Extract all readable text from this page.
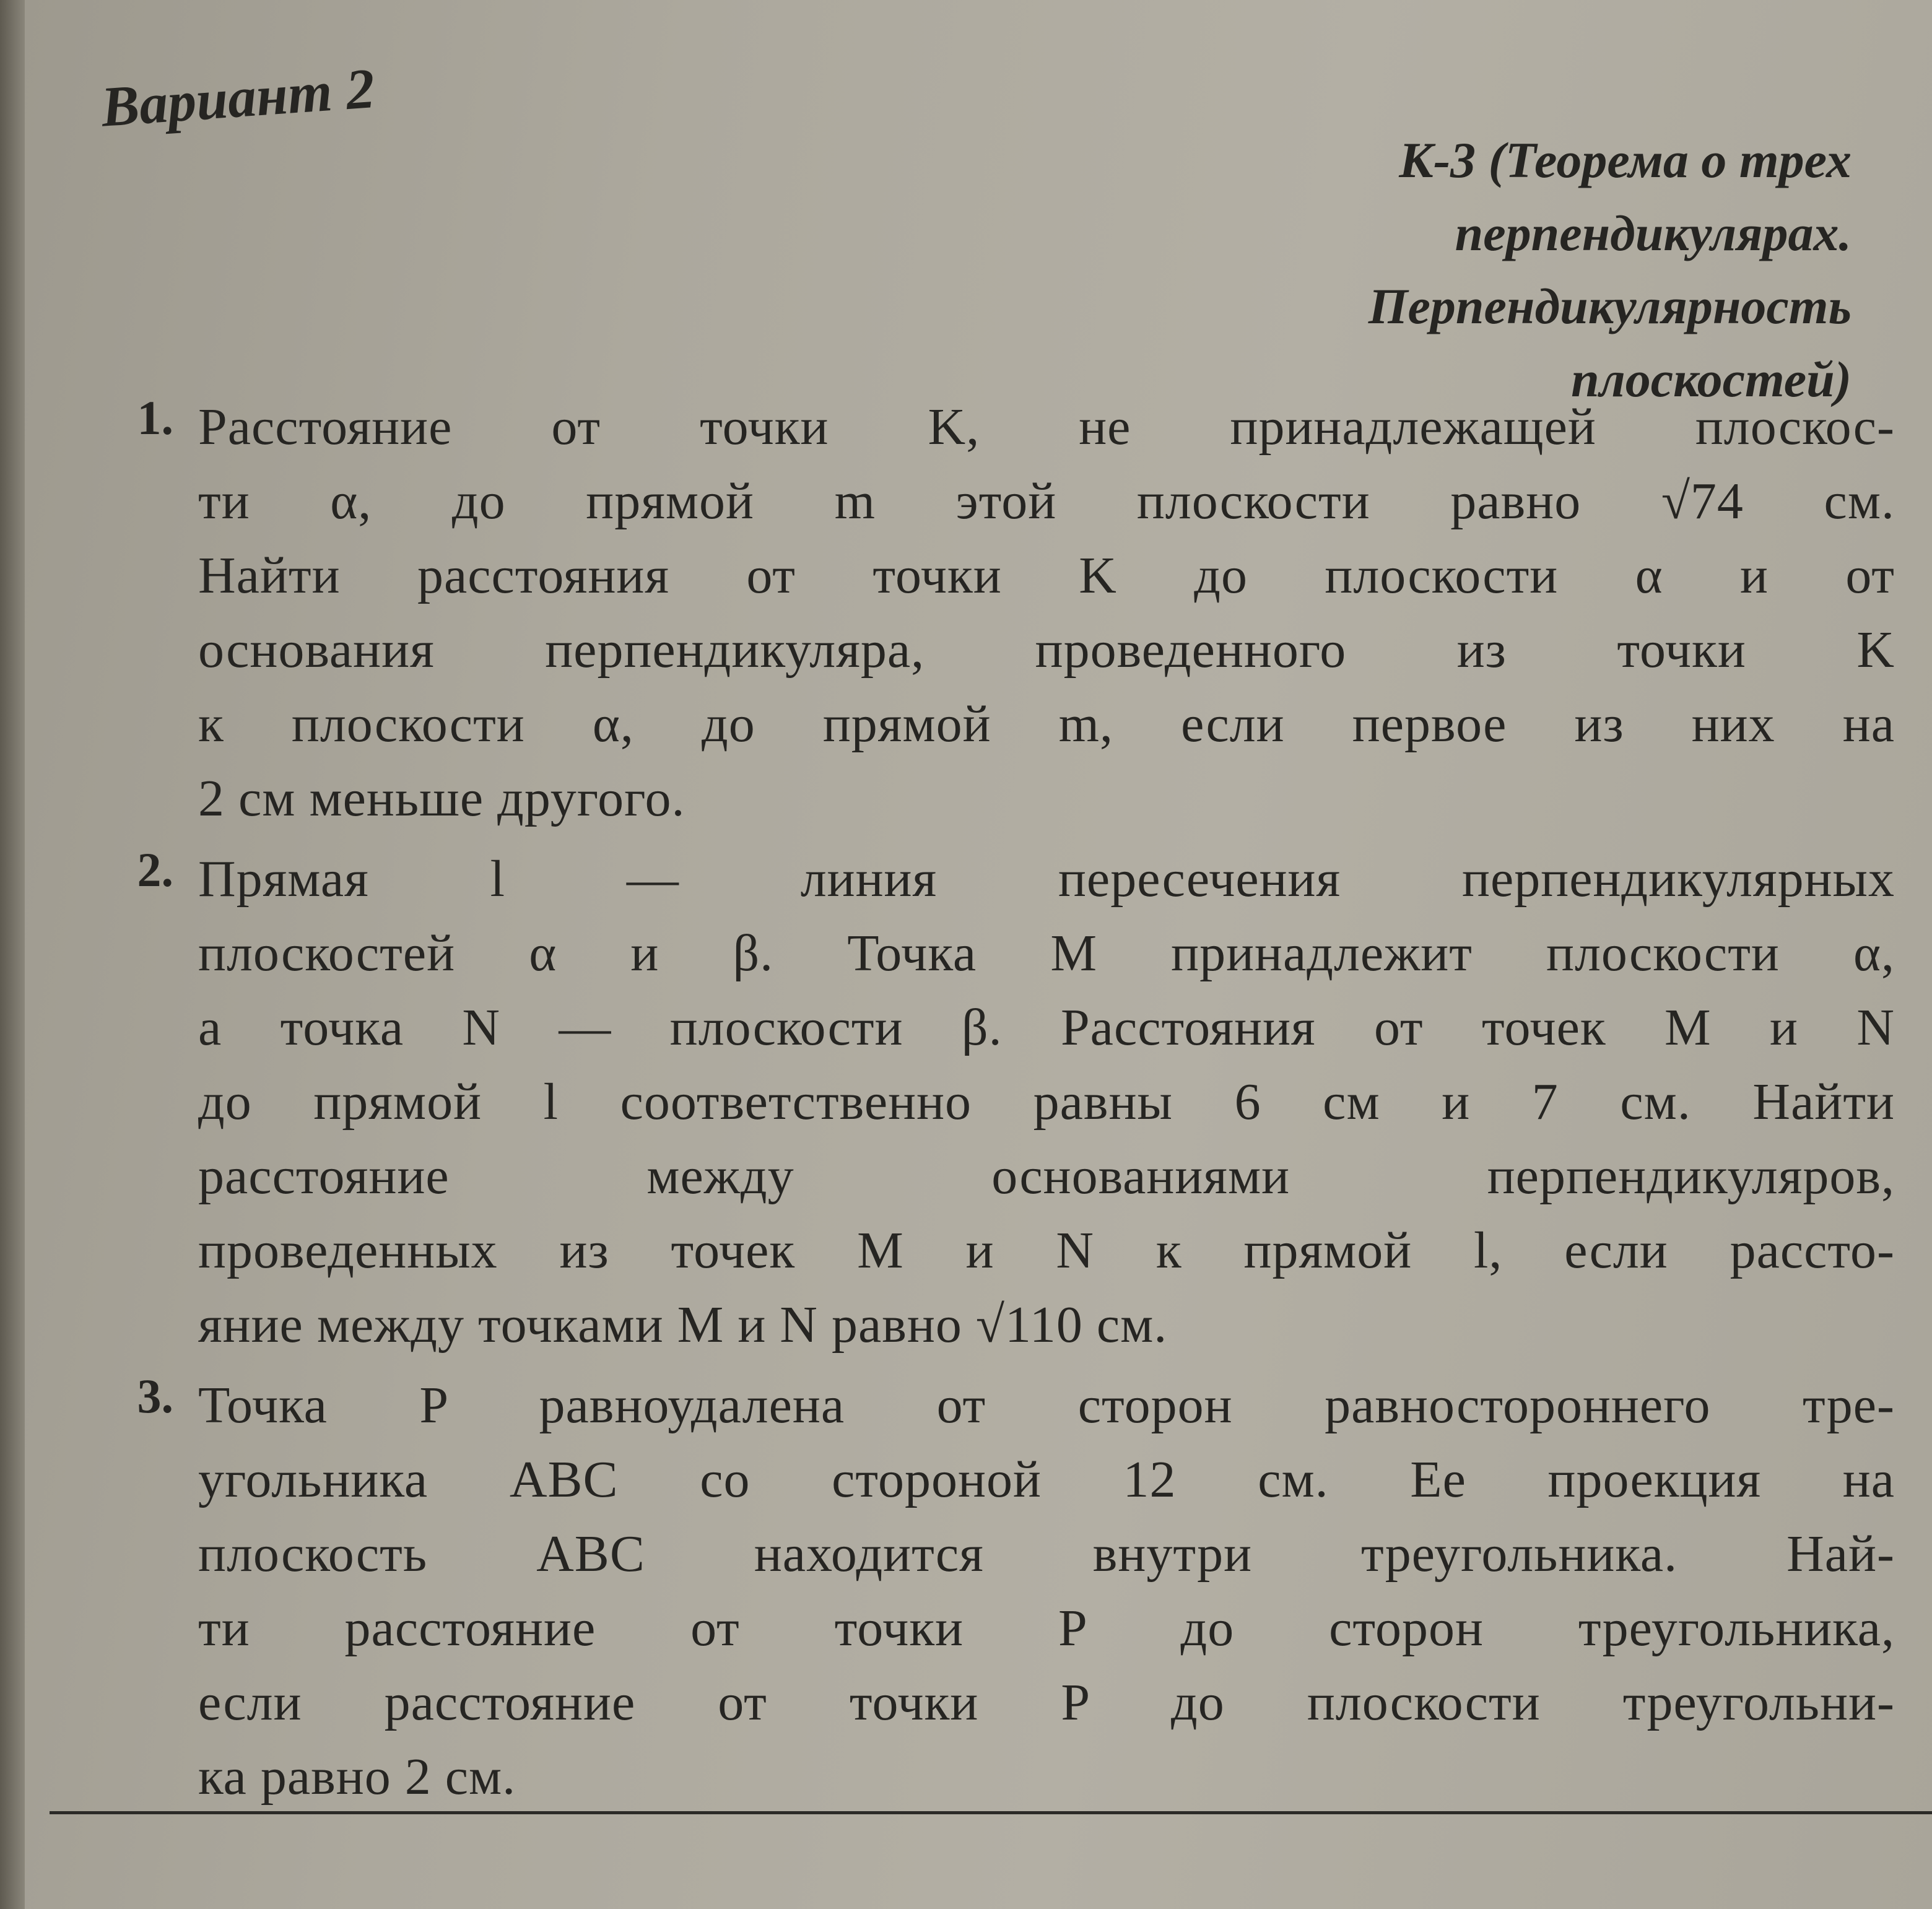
Вариант 2
К-3 (Теорема о трех
перпендикулярах.
Перпендикулярность
плоскостей)
1. Расстояние от точки K, не принадлежащей плоскос-
ти α, до прямой m этой плоскости равно √74 см.
Найти расстояния от точки K до плоскости α и от
основания перпендикуляра, проведенного из точки K
к плоскости α, до прямой m, если первое из них на
2 см меньше другого.
2. Прямая l — линия пересечения перпендикулярных
плоскостей α и β. Точка M принадлежит плоскости α,
а точка N — плоскости β. Расстояния от точек M и N
до прямой l соответственно равны 6 см и 7 см. Найти
расстояние между основаниями перпендикуляров,
проведенных из точек M и N к прямой l, если рассто-
яние между точками M и N равно √110 см.
3. Точка P равноудалена от сторон равностороннего тре-
угольника ABC со стороной 12 см. Ее проекция на
плоскость ABC находится внутри треугольника. Най-
ти расстояние от точки P до сторон треугольника,
если расстояние от точки P до плоскости треугольни-
ка равно 2 см.
